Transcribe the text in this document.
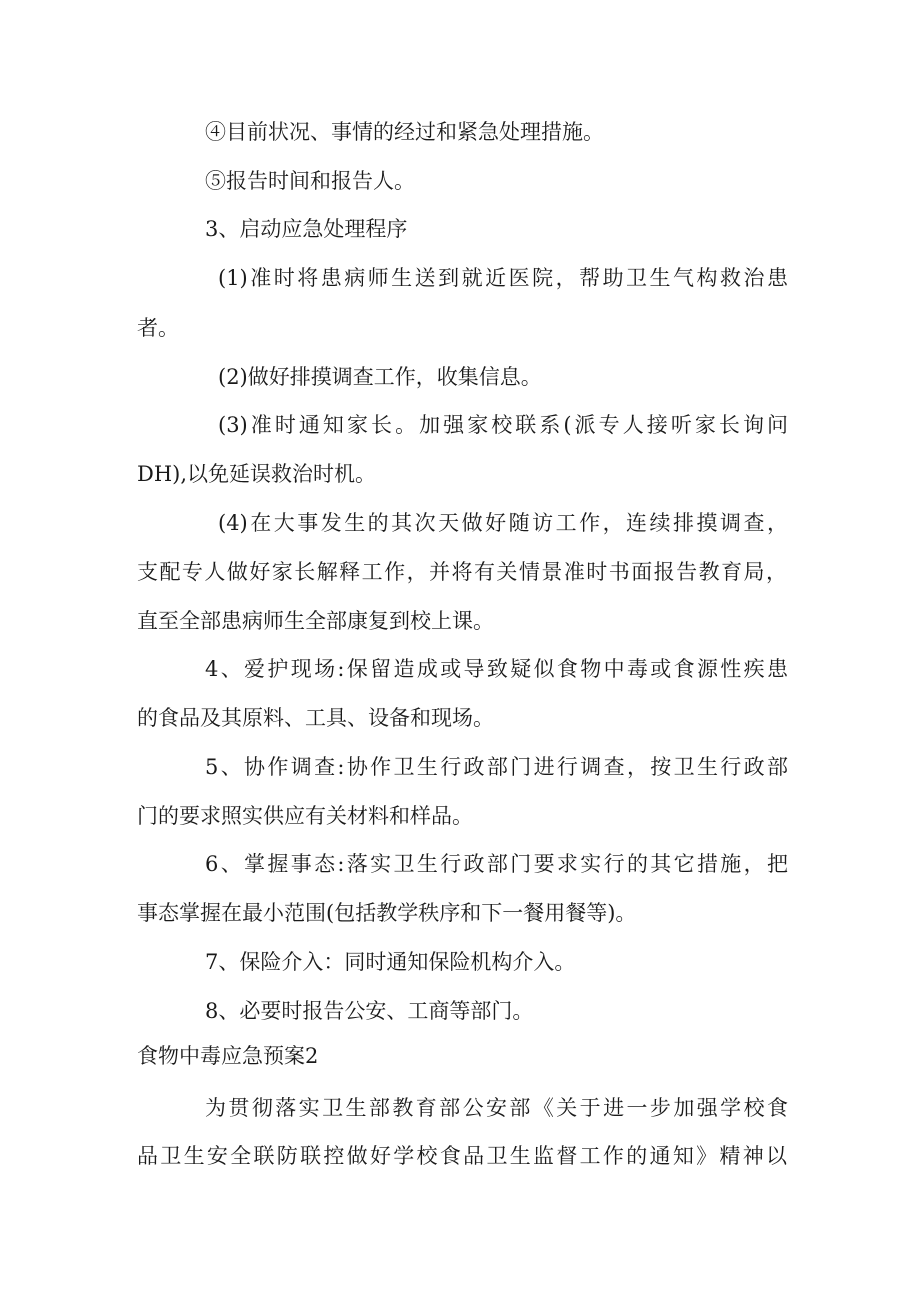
④目前状况、事情的经过和紧急处理措施。

⑤报告时间和报告人。

3、启动应急处理程序

(1)准时将患病师生送到就近医院，帮助卫生气构救治患

者。

(2)做好排摸调查工作，收集信息。

(3)准时通知家长。加强家校联系(派专人接听家长询问

DH),以免延误救治时机。

(4)在大事发生的其次天做好随访工作，连续排摸调查，

支配专人做好家长解释工作，并将有关情景准时书面报告教育局，

直至全部患病师生全部康复到校上课。

4、爱护现场:保留造成或导致疑似食物中毒或食源性疾患

的食品及其原料、工具、设备和现场。

5、协作调查:协作卫生行政部门进行调查，按卫生行政部

门的要求照实供应有关材料和样品。

6、掌握事态:落实卫生行政部门要求实行的其它措施，把

事态掌握在最小范围(包括教学秩序和下一餐用餐等)。

7、保险介入：同时通知保险机构介入。

8、必要时报告公安、工商等部门。

食物中毒应急预案2

为贯彻落实卫生部教育部公安部《关于进一步加强学校食

品卫生安全联防联控做好学校食品卫生监督工作的通知》精神以
